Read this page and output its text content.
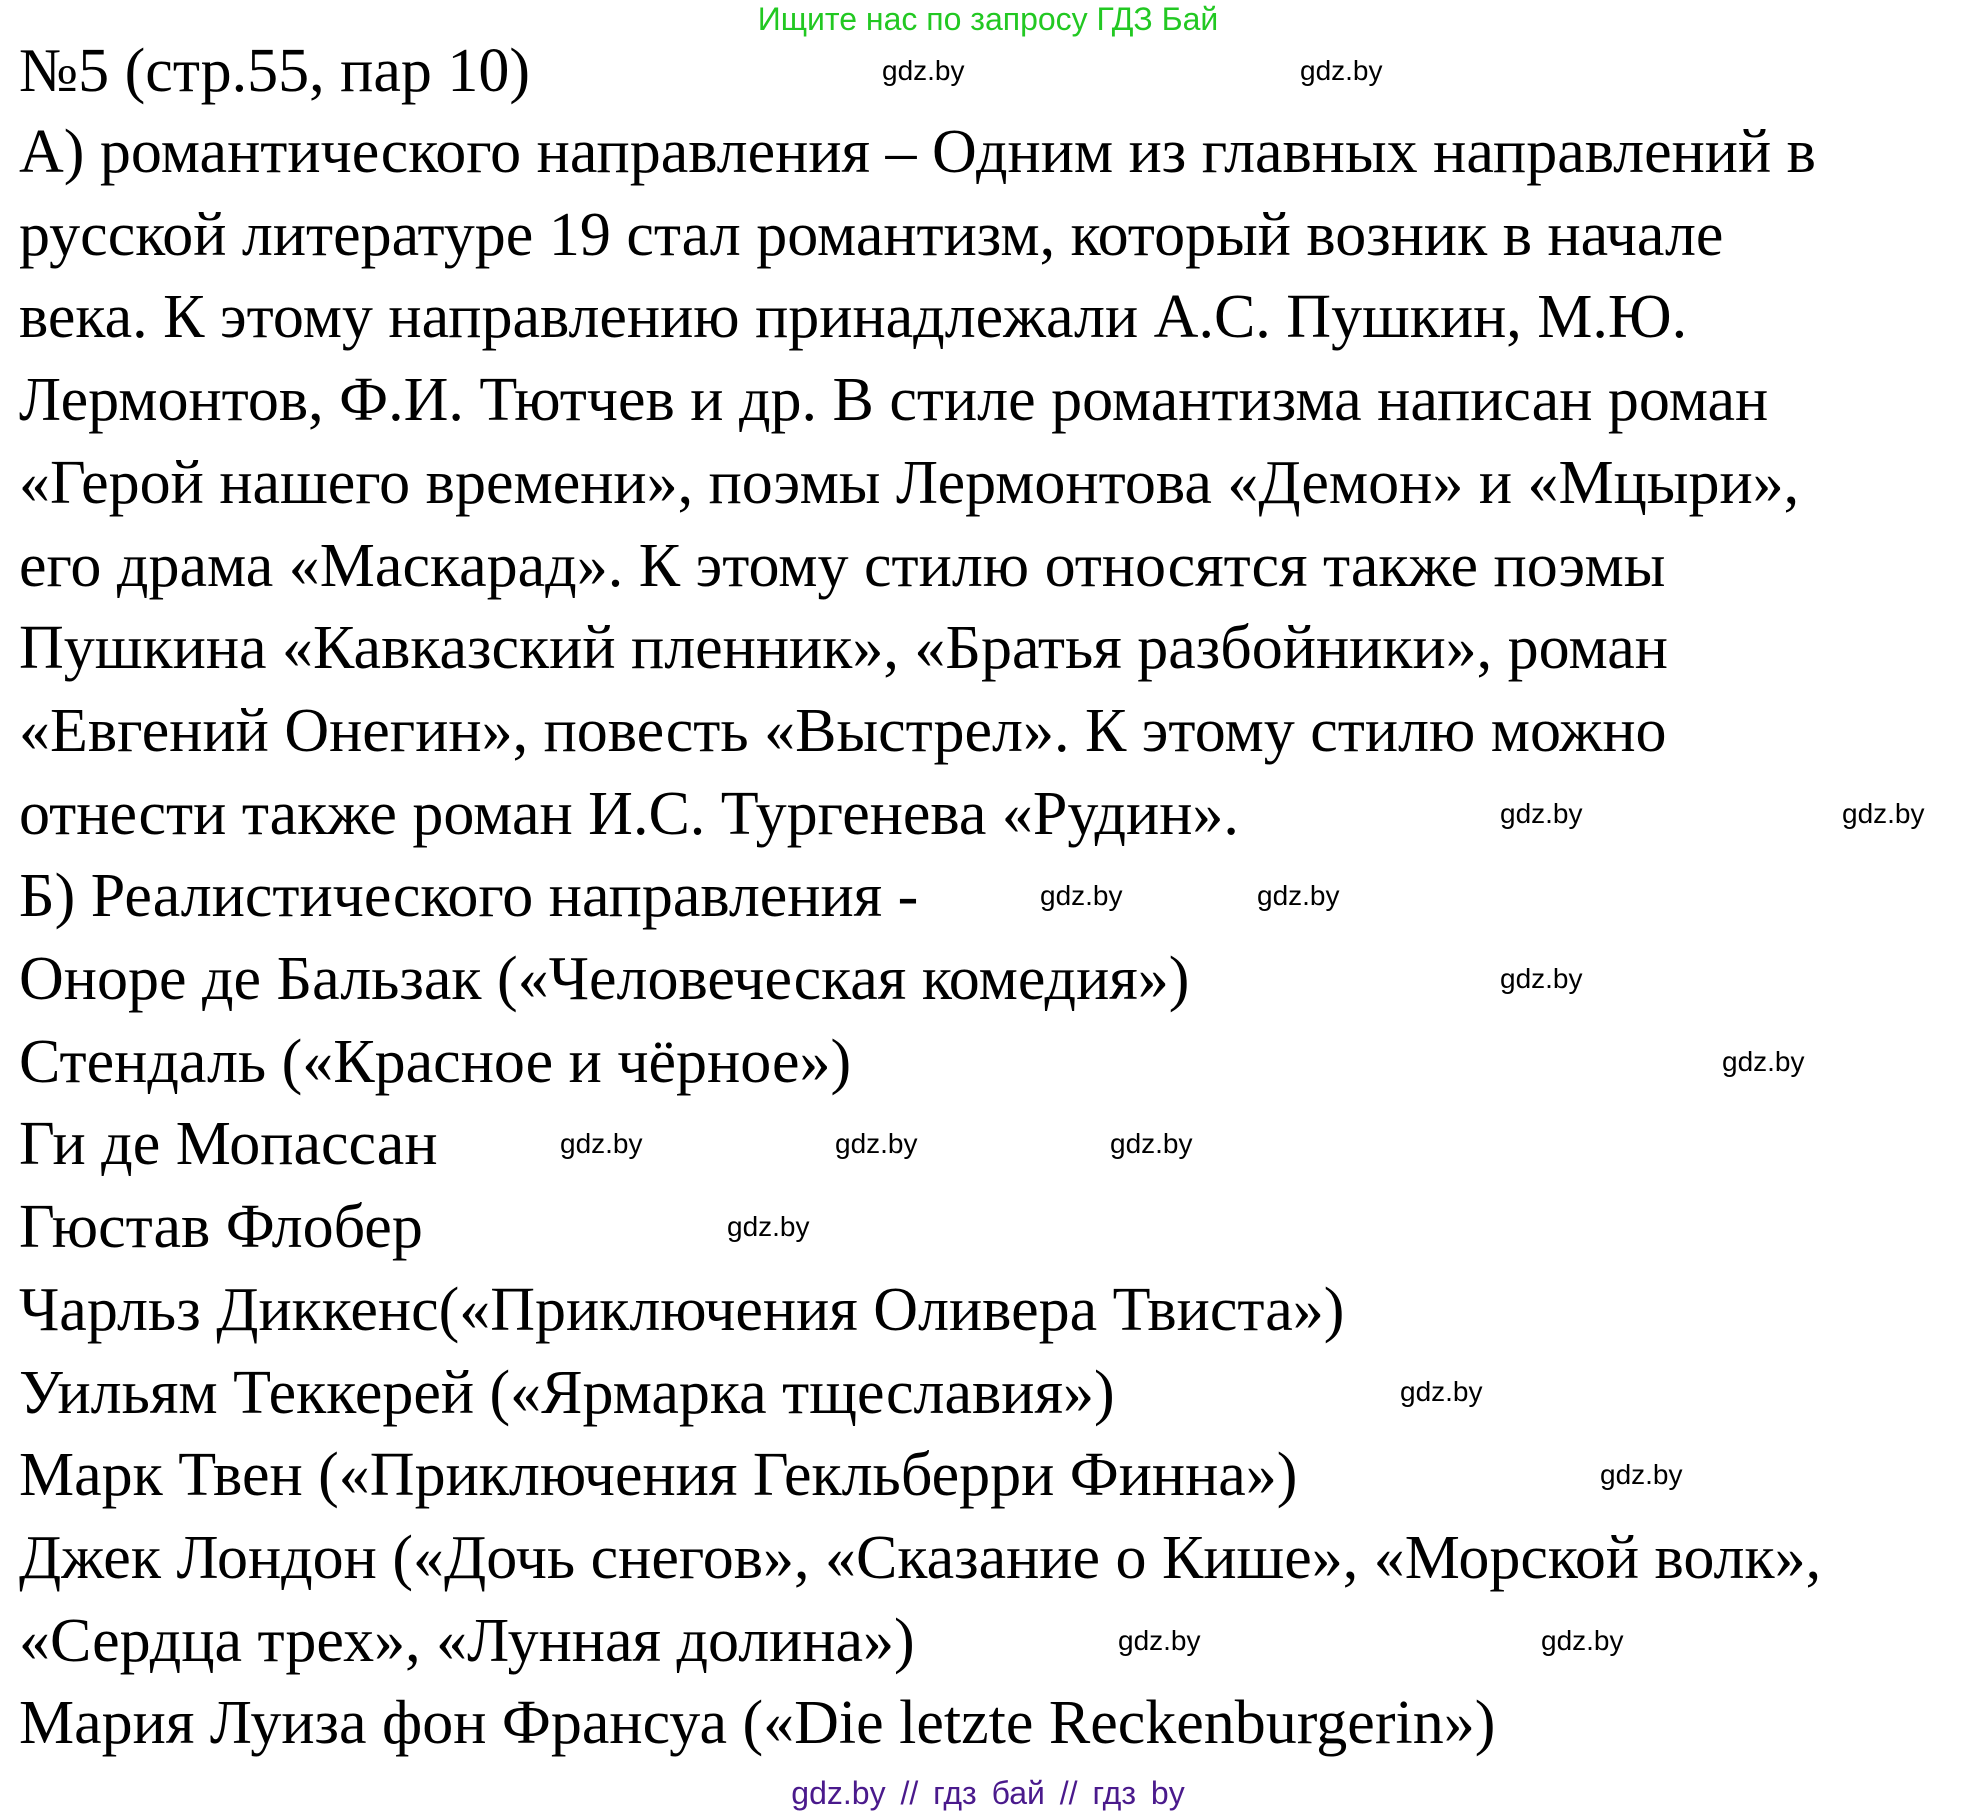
Ищите нас по запросу ГДЗ Бай
№5 (стр.55, пар 10)
А) романтического направления – Одним из главных направлений в
русской литературе 19 стал романтизм, который возник в начале
века. К этому направлению принадлежали А.С. Пушкин, М.Ю.
Лермонтов, Ф.И. Тютчев и др. В стиле романтизма написан роман
«Герой нашего времени», поэмы Лермонтова «Демон» и «Мцыри»,
его драма «Маскарад». К этому стилю относятся также поэмы
Пушкина «Кавказский пленник», «Братья разбойники», роман
«Евгений Онегин», повесть «Выстрел». К этому стилю можно
отнести также роман И.С. Тургенева «Рудин».
Б) Реалистического направления -
Оноре де Бальзак («Человеческая комедия»)
Стендаль («Красное и чёрное»)
Ги де Мопассан
Гюстав Флобер
Чарльз Диккенс(«Приключения Оливера Твиста»)
Уильям Теккерей («Ярмарка тщеславия»)
Марк Твен («Приключения Гекльберри Финна»)
Джек Лондон («Дочь снегов», «Сказание о Кише», «Морской волк»,
«Сердца трех», «Лунная долина»)
Мария Луиза фон Франсуа («Die letzte Reckenburgerin»)
gdz.by	gdz.by
gdz.by	gdz.by
gdz.by	gdz.by
gdz.by
gdz.by
gdz.by	gdz.by	gdz.by
gdz.by
gdz.by
gdz.by
gdz.by	gdz.by
gdz.by // гдз бай // гдз by
